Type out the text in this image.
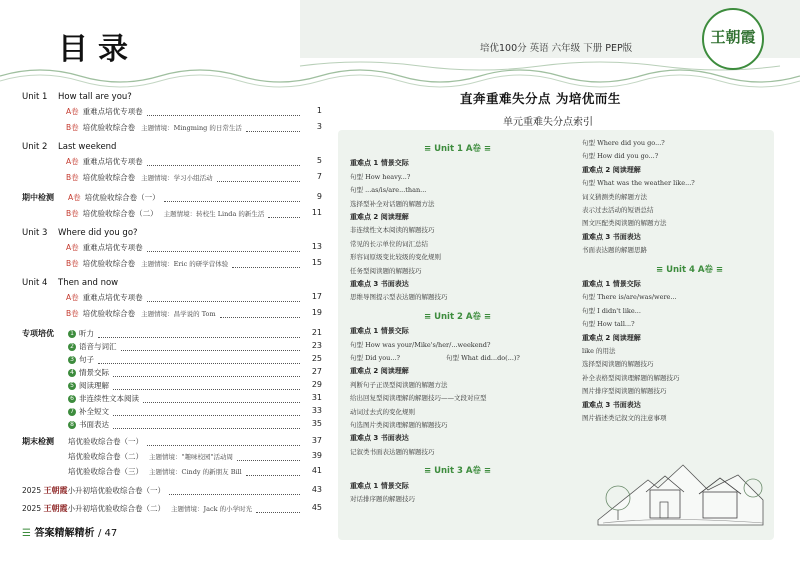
目录	培优100分 英语 六年级 下册 PEP版
王朝霞
Unit 1 How tall are you?
A卷 重难点培优专项卷	1
B卷 培优验收综合卷 主题情境：Mingming 的日常生活	3
Unit 2 Last weekend
A卷 重难点培优专项卷	5
B卷 培优验收综合卷 主题情境：学习小组活动	7
期中检测 A卷 培优验收综合卷（一）	9
B卷 培优验收综合卷（二） 主题情境：转校生 Linda 的新生活	11
Unit 3 Where did you go?
A卷 重难点培优专项卷	13
B卷 培优验收综合卷 主题情境：Eric 的研学营体验	15
Unit 4 Then and now
A卷 重难点培优专项卷	17
B卷 培优验收综合卷 主题情境：昌学说的 Tom	19
专项培优	1 听力	21
2 语音与词汇	23
3 句子	25
4 情景交际	27
5 阅读理解	29
6 非连续性文本阅读	31
7 补全短文	33
8 书面表达	35
期末检测 培优验收综合卷（一）	37
培优验收综合卷（二） 主题情境："趣味校园"活动周	39
培优验收综合卷（三） 主题情境：Cindy 的新朋友 Bill	41
2025 王朝霞小升初培优验收综合卷（一）	43
2025 王朝霞小升初培优验收综合卷（二） 主题情境：Jack 的小学时光	45
☰ 答案精解精析 / 47
直奔重难失分点 为培优而生
单元重难失分点索引
≡ Unit 1 A卷 ≡
重难点 1 情景交际
句型 How heavy...?
句型 ...as/is/are...than...
选择型补全对话题的解题方法
重难点 2 阅读理解
非连续性文本阅读的解题技巧
常见的长示单位的词汇总结
形容词原级变比较级的变化规则
任务型阅读题的解题技巧
重难点 3 书面表达
思维导图提示型表达题的解题技巧
≡ Unit 2 A卷 ≡
重难点 1 情景交际
句型 How was your/Mike's/her/...weekend?
句型 Did you...?	句型 What did...do(...)?
重难点 2 阅读理解
判断句子正误型阅读题的解题方法
给出回复型阅读理解的解题技巧——文段对应型
动词过去式的变化规则
句选图片类阅读理解题的解题技巧
重难点 3 书面表达
记叙类书面表达题的解题技巧
≡ Unit 3 A卷 ≡
重难点 1 情景交际
对话排序题的解题技巧
句型 Where did you go...?
句型 How did you go...?
重难点 2 阅读理解
句型 What was the weather like...?
词义猜测类的解题方法
表示过去活动的短语总结
图文匹配类阅读题的解题方法
重难点 3 书面表达
书面表达题的解题思路
≡ Unit 4 A卷 ≡
重难点 1 情景交际
句型 There is/are/was/were...
句型 I didn't like...
句型 How tall...?
重难点 2 阅读理解
like 的用法
选择型阅读题的解题技巧
补全表格型阅读理解题的解题技巧
图片排序型阅读题的解题技巧
重难点 3 书面表达
图片描述类记叙文的注意事项
